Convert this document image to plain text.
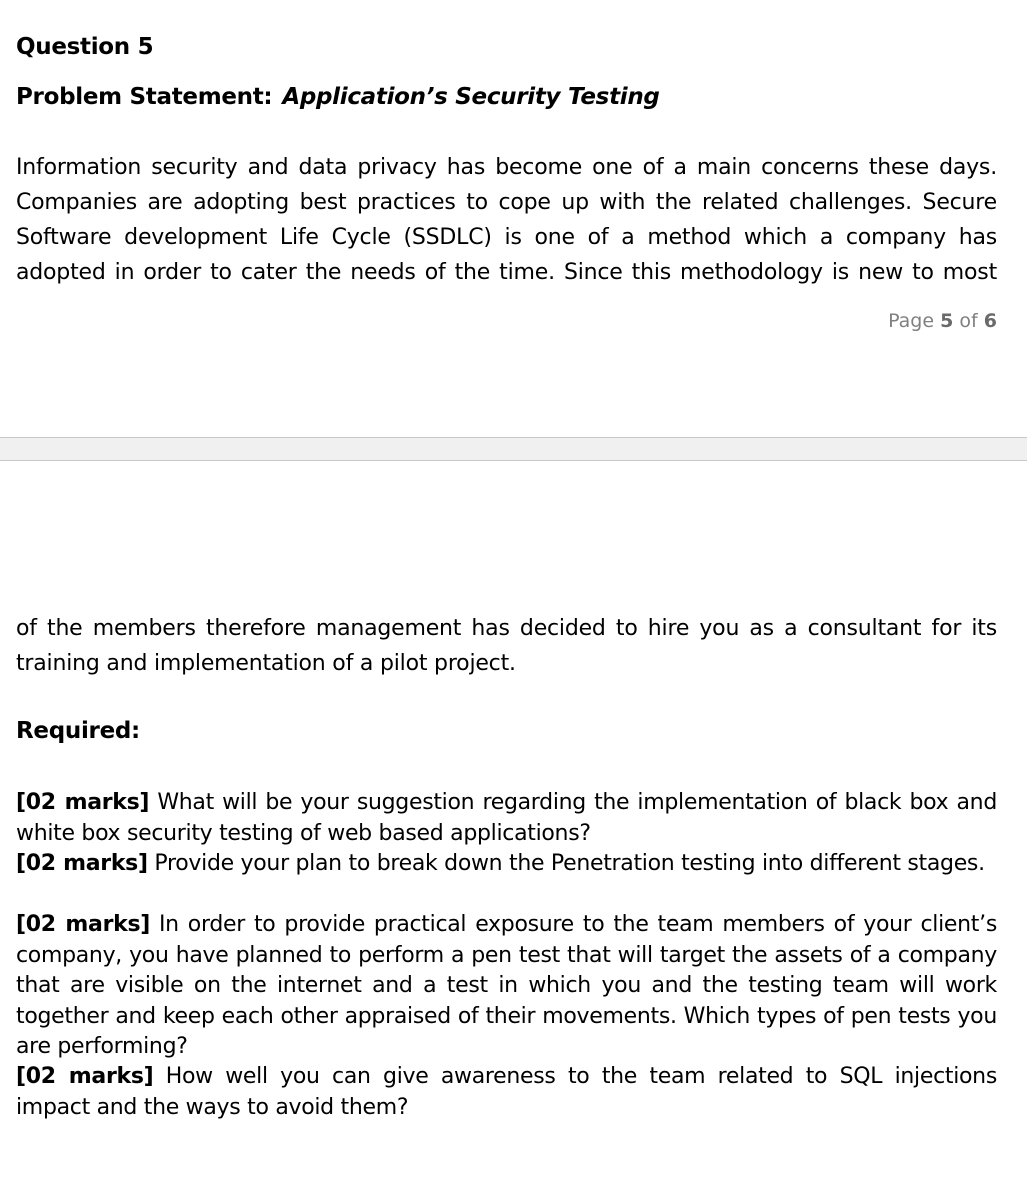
Question 5
Problem Statement: Application’s Security Testing
Information security and data privacy has become one of a main concerns these days.
Companies are adopting best practices to cope up with the related challenges. Secure
Software development Life Cycle (SSDLC) is one of a method which a company has
adopted in order to cater the needs of the time. Since this methodology is new to most
Page 5 of 6
of the members therefore management has decided to hire you as a consultant for its
training and implementation of a pilot project.
Required:
[02 marks] What will be your suggestion regarding the implementation of black box and white box security testing of web based applications?
[02 marks] Provide your plan to break down the Penetration testing into different stages.
[02 marks] In order to provide practical exposure to the team members of your client’s company, you have planned to perform a pen test that will target the assets of a company that are visible on the internet and a test in which you and the testing team will work together and keep each other appraised of their movements. Which types of pen tests you are performing?
[02 marks] How well you can give awareness to the team related to SQL injections impact and the ways to avoid them?
